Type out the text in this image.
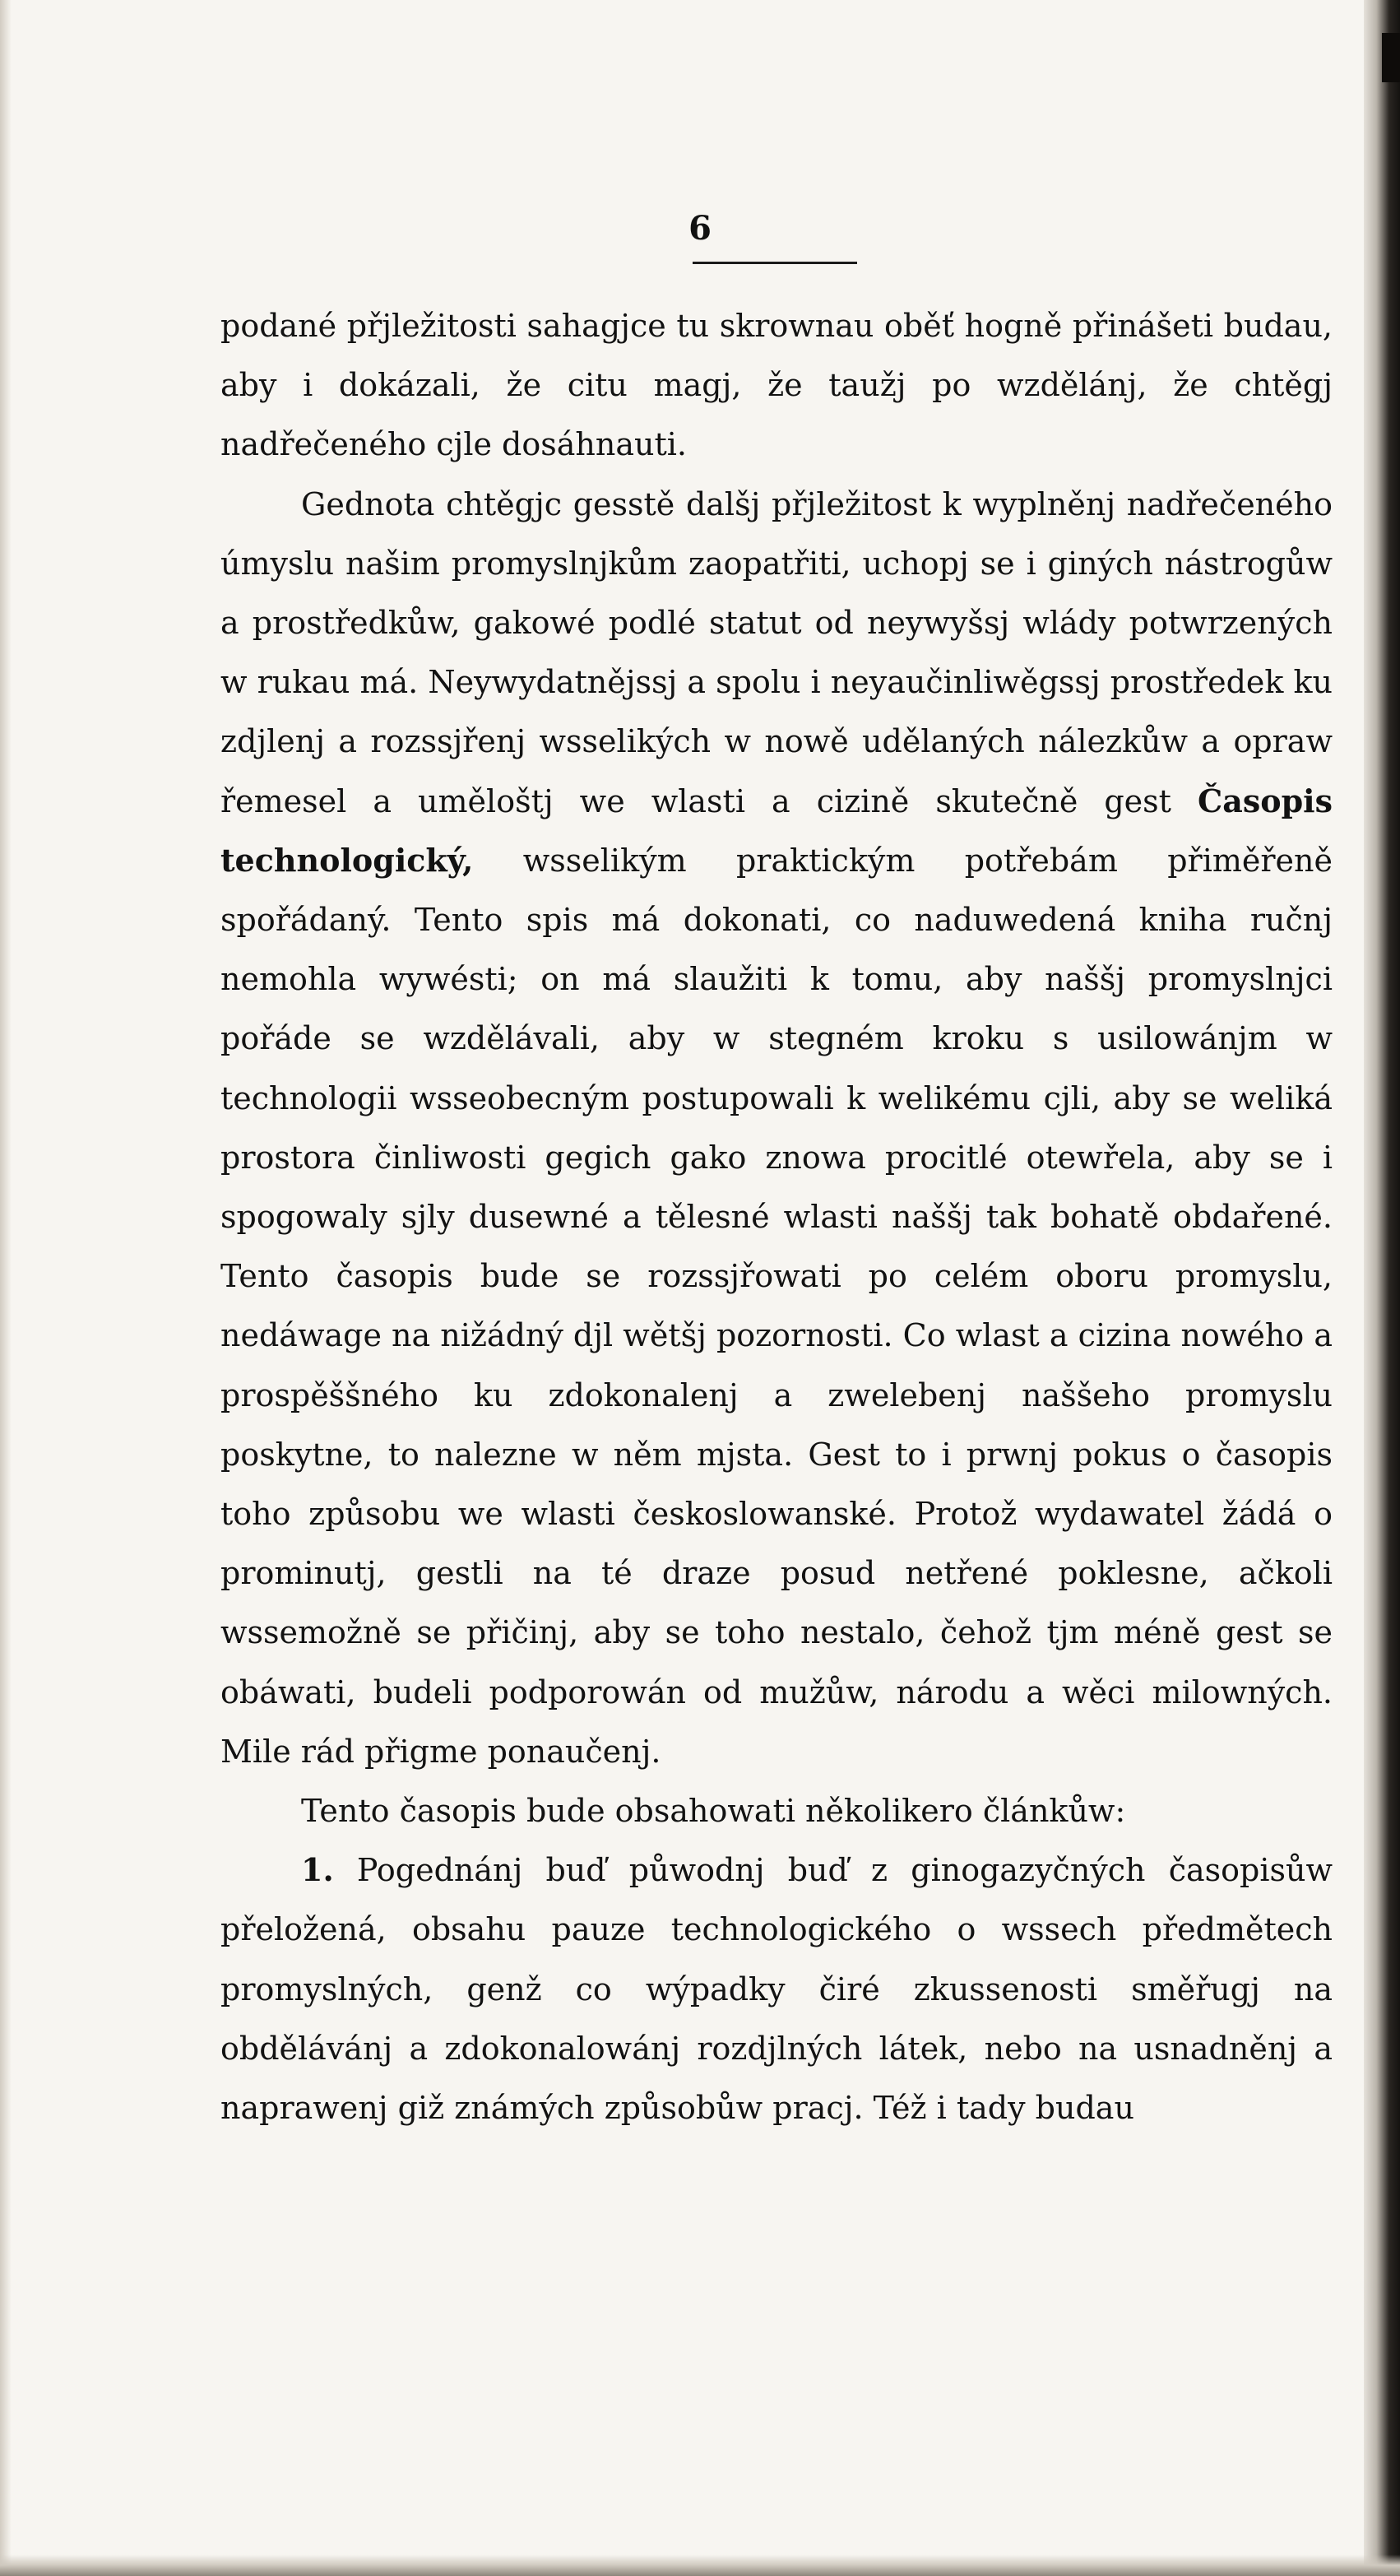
6

podané přjležitosti sahagjce tu skrownau oběť hogně přinášeti budau, aby i dokázali, že citu magj, že taužj po wzdělánj, že chtěgj nadřečeného cjle dosáhnauti.

Gednota chtěgjc gesstě dalšj přjležitost k wyplněnj nadřečeného úmyslu našim promyslnjkům zaopatřiti, uchopj se i giných nástrogůw a prostředkůw, gakowé podlé statut od neywyšsj wlády potwrzených w rukau má. Neywydatnějssj a spolu i neyaučinliwěgssj prostředek ku zdjlenj a rozssjřenj wsselikých w nowě udělaných nálezkůw a opraw řemesel a uměloštj we wlasti a cizině skutečně gest Časopis technologický, wsselikým praktickým potřebám přiměřeně spořádaný. Tento spis má dokonati, co naduwedená kniha ručnj nemohla wywésti; on má slaužiti k tomu, aby naššj promyslnjci pořáde se wzdělávali, aby w stegném kroku s usilowánjm w technologii wsseobecným postupowali k welikému cjli, aby se weliká prostora činliwosti gegich gako znowa procitlé otewřela, aby se i spogowaly sjly dusewné a tělesné wlasti naššj tak bohatě obdařené. Tento časopis bude se rozssjřowati po celém oboru promyslu, nedáwage na nižádný djl wětšj pozornosti. Co wlast a cizina nowého a prospěššného ku zdokonalenj a zwelebenj naššeho promyslu poskytne, to nalezne w něm mjsta. Gest to i prwnj pokus o časopis toho způsobu we wlasti českoslowanské. Protož wydawatel žádá o prominutj, gestli na té draze posud netřené poklesne, ačkoli wssemožně se přičinj, aby se toho nestalo, čehož tjm méně gest se obáwati, budeli podporowán od mužůw, národu a wěci milowných. Mile rád přigme ponaučenj.

Tento časopis bude obsahowati několikero článkůw:

1. Pogednánj buď půwodnj buď z ginogazyčných časopisůw přeložená, obsahu pauze technologického o wssech předmětech promyslných, genž co wýpadky čiré zkussenosti směřugj na obdělávánj a zdokonalowánj rozdjlných látek, nebo na usnadněnj a naprawenj giž známých způsobůw pracj. Též i tady budau
